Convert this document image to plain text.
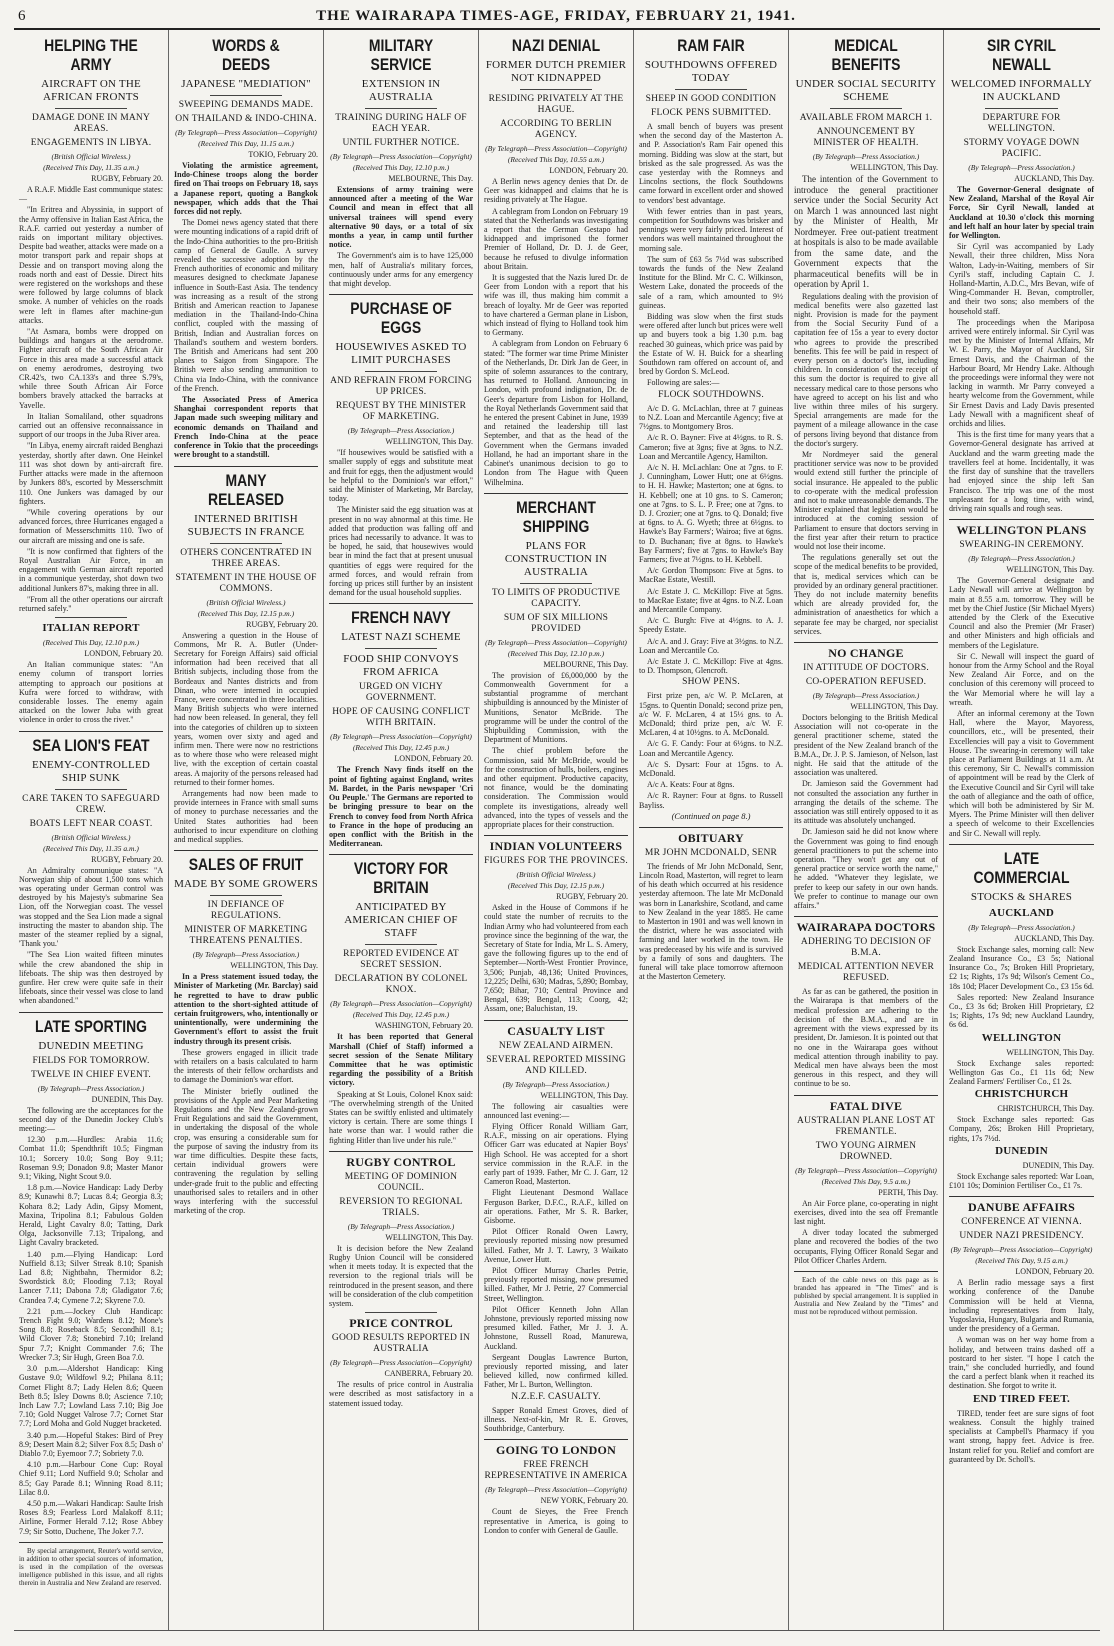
6	THE WAIRARAPA TIMES-AGE, FRIDAY, FEBRUARY 21, 1941.
HELPING THE ARMY
AIRCRAFT ON THE AFRICAN FRONTS
DAMAGE DONE IN MANY AREAS.
ENGAGEMENTS IN LIBYA.
(British Official Wireless.)
(Received This Day, 11.35 a.m.)
RUGBY, February 20.

A R.A.F. Middle East communique states:—

"In Eritrea and Abyssinia, in support of the Army offensive in Italian East Africa, the R.A.F. carried out yesterday a number of raids on important military objectives. Despite bad weather, attacks were made on a motor transport park and repair shops at Dessie and on transport moving along the roads north and east of Dessie. Direct hits were registered on the workshops and these were followed by large columns of black smoke. A number of vehicles on the roads were left in flames after machine-gun attacks.

"At Asmara, bombs were dropped on buildings and hangars at the aerodrome. Fighter aircraft of the South African Air Force in this area made a successful attack on enemy aerodromes, destroying two CR.42's, two CA.133's and three S.79's, while three South African Air Force bombers bravely attacked the barracks at Yavelle.

In Italian Somaliland, other squadrons carried out an offensive reconnaissance in support of our troops in the Juba River area.

"In Libya, enemy aircraft raided Benghazi yesterday, shortly after dawn. One Heinkel 111 was shot down by anti-aircraft fire. Further attacks were made in the afternoon by Junkers 88's, escorted by Messerschmitt 110. One Junkers was damaged by our fighters.

"While covering operations by our advanced forces, three Hurricanes engaged a formation of Messerschmitts 110. Two of our aircraft are missing and one is safe.

"It is now confirmed that fighters of the Royal Australian Air Force, in an engagement with German aircraft reported in a communique yesterday, shot down two additional Junkers 87's, making three in all.

"From all the other operations our aircraft returned safely."

ITALIAN REPORT
(Received This Day, 12.10 p.m.)
LONDON, February 20.

An Italian communique states: "An enemy column of transport lorries attempting to approach our positions at Kufra were forced to withdraw, with considerable losses. The enemy again attacked on the lower Juba with great violence in order to cross the river."

SEA LION'S FEAT
ENEMY-CONTROLLED SHIP SUNK
CARE TAKEN TO SAFEGUARD CREW.
BOATS LEFT NEAR COAST.
(British Official Wireless.)
(Received This Day, 11.35 a.m.)
RUGBY, February 20.

An Admiralty communique states: "A Norwegian ship of about 1,500 tons which was operating under German control was destroyed by his Majesty's submarine Sea Lion, off the Norwegian coast. The vessel was stopped and the Sea Lion made a signal instructing the master to abandon ship. The master of the steamer replied by a signal, 'Thank you.'

"The Sea Lion waited fifteen minutes while the crew abandoned the ship in lifeboats. The ship was then destroyed by gunfire. Her crew were quite safe in their lifeboats, since their vessel was close to land when abandoned."

LATE SPORTING
DUNEDIN MEETING
FIELDS FOR TOMORROW.
TWELVE IN CHIEF EVENT.
(By Telegraph—Press Association.)
DUNEDIN, This Day.

The following are the acceptances for the second day of the Dunedin Jockey Club's meeting:—

12.30 p.m.—Hurdles: Arabia 11.6; Combat 11.0; Spendthrift 10.5; Fingman 10.1; Sorcery 10.0; Song Boy 9.11; Roseman 9.9; Donadon 9.8; Master Manor 9.1; Viking, Night Scout 9.0.

1.8 p.m.—Novice Handicap: Lady Derby 8.9; Kunawhi 8.7; Lucas 8.4; Georgia 8.3; Kohara 8.2; Lady Adin, Gipsy Moment, Maxina, Tripolina 8.1; Fabulous Golden Herald, Light Cavalry 8.0; Tatting, Dark Olga, Jacksonville 7.13; Tripalong, and Light Cavalry bracketed.

1.40 p.m.—Flying Handicap: Lord Nuffield 8.13; Silver Streak 8.10; Spanish Lad 8.8; Nightbahn, Thermidor 8.2; Swordstick 8.0; Flooding 7.13; Royal Lancer 7.11; Dabona 7.8; Gladigator 7.6; Crandea 7.4; Cymene 7.2; Skyrene 7.0.

2.21 p.m.—Jockey Club Handicap: Trench Fight 9.0; Wardens 8.12; Mone's Song 8.8; Roseback 8.5; Secondhill 8.1; Wild Clover 7.8; Stonebird 7.10; Ireland Spur 7.7; Knight Commander 7.6; The Wrecker 7.3; Sir Hugh, Green Boa 7.0.

3.0 p.m.—Aldershot Handicap: King Gustave 9.0; Wildfowl 9.2; Philana 8.11; Cornet Flight 8.7; Lady Helen 8.6; Queen Beth 8.5; Isley Downs 8.0; Ascience 7.10; Inch Law 7.7; Lowland Lass 7.10; Big Joe 7.10; Gold Nugget Valrose 7.7; Cornet Star 7.7; Lord Moha and Gold Nugget bracketed.

3.40 p.m.—Hopeful Stakes: Bird of Prey 8.9; Desert Main 8.2; Silver Fox 8.5; Dash o' Diablo 7.0; Eyemoor 7.7; Sobriety 7.0.

4.10 p.m.—Harbour Cone Cup: Royal Chief 9.11; Lord Nuffield 9.0; Scholar and 8.5; Gay Parade 8.1; Winning Road 8.11; Lilac 8.0.

4.50 p.m.—Wakari Handicap: Saulte Irish Roses 8.9; Fearless Lord Malakoff 8.11; Airline, Former Herald 7.12; Rose Abbey 7.9; Sir Sotto, Duchene, The Joker 7.7.

By special arrangement, Reuter's world service, in addition to other special sources of information, is used in the compilation of the overseas intelligence published in this issue, and all rights therein in Australia and New Zealand are reserved.

WORDS & DEEDS
JAPANESE "MEDIATION"
SWEEPING DEMANDS MADE.
ON THAILAND & INDO-CHINA.
(By Telegraph—Press Association—Copyright)
(Received This Day, 11.15 a.m.)
TOKIO, February 20.

Violating the armistice agreement, Indo-Chinese troops along the border fired on Thai troops on February 18, says a Japanese report, quoting a Bangkok newspaper, which adds that the Thai forces did not reply.

The Domei news agency stated that there were mounting indications of a rapid drift of the Indo-China authorities to the pro-British camp of General de Gaulle. A survey revealed the successive adoption by the French authorities of economic and military measures designed to checkmate Japanese influence in South-East Asia. The tendency was increasing as a result of the strong British and American reaction to Japanese mediation in the Thailand-Indo-China conflict, coupled with the massing of British, Indian and Australian forces on Thailand's southern and western borders. The British and Americans had sent 200 planes to Saigon from Singapore. The British were also sending ammunition to China via Indo-China, with the connivance of the French.

The Associated Press of America Shanghai correspondent reports that Japan made such sweeping military and economic demands on Thailand and French Indo-China at the peace conference in Tokio that the proceedings were brought to a standstill.

MANY RELEASED
INTERNED BRITISH SUBJECTS IN FRANCE
OTHERS CONCENTRATED IN THREE AREAS.
STATEMENT IN THE HOUSE OF COMMONS.
(British Official Wireless.)
(Received This Day, 12.15 p.m.)
RUGBY, February 20.

Answering a question in the House of Commons, Mr R. A. Butler (Under-Secretary for Foreign Affairs) said official information had been received that all British subjects, including those from the Bordeaux and Nantes districts and from Dinan, who were interned in occupied France, were concentrated in three localities. Many British subjects who were interned had now been released. In general, they fell into the categories of children up to sixteen years, women over sixty and aged and infirm men. There were now no restrictions as to where those who were released might live, with the exception of certain coastal areas. A majority of the persons released had returned to their former homes.

Arrangements had now been made to provide internees in France with small sums of money to purchase necessaries and the United States authorities had been authorised to incur expenditure on clothing and medical supplies.

SALES OF FRUIT
MADE BY SOME GROWERS
IN DEFIANCE OF REGULATIONS.
MINISTER OF MARKETING THREATENS PENALTIES.
(By Telegraph—Press Association.)
WELLINGTON, This Day.

In a Press statement issued today, the Minister of Marketing (Mr. Barclay) said he regretted to have to draw public attention to the short-sighted attitude of certain fruitgrowers, who, intentionally or unintentionally, were undermining the Government's effort to assist the fruit industry through its present crisis.

These growers engaged in illicit trade with retailers on a basis calculated to harm the interests of their fellow orchardists and to damage the Dominion's war effort.

The Minister briefly outlined the provisions of the Apple and Pear Marketing Regulations and the New Zealand-grown Fruit Regulations and said the Government, in undertaking the disposal of the whole crop, was ensuring a considerable sum for the purpose of saving the industry from its war time difficulties. Despite these facts, certain individual growers were contravening the regulation by selling under-grade fruit to the public and effecting unauthorised sales to retailers and in other ways interfering with the successful marketing of the crop.

MILITARY SERVICE
EXTENSION IN AUSTRALIA
TRAINING DURING HALF OF EACH YEAR.
UNTIL FURTHER NOTICE.
(By Telegraph—Press Association—Copyright)
(Received This Day, 12.10 p.m.)
MELBOURNE, This Day.

Extensions of army training were announced after a meeting of the War Council and mean in effect that all universal trainees will spend every alternative 90 days, or a total of six months a year, in camp until further notice.

The Government's aim is to have 125,000 men, half of Australia's military forces, continuously under arms for any emergency that might develop.

PURCHASE OF EGGS
HOUSEWIVES ASKED TO LIMIT PURCHASES
AND REFRAIN FROM FORCING UP PRICES.
REQUEST BY THE MINISTER OF MARKETING.
(By Telegraph—Press Association.)
WELLINGTON, This Day.

"If housewives would be satisfied with a smaller supply of eggs and substitute meat and fruit for eggs, then the adjustment would be helpful to the Dominion's war effort," said the Minister of Marketing, Mr Barclay, today.

The Minister said the egg situation was at present in no way abnormal at this time. He added that production was falling off and prices had necessarily to advance. It was to be hoped, he said, that housewives would bear in mind the fact that at present unusual quantities of eggs were required for the armed forces, and would refrain from forcing up prices still further by an insistent demand for the usual household supplies.

FRENCH NAVY
LATEST NAZI SCHEME
FOOD SHIP CONVOYS FROM AFRICA
URGED ON VICHY GOVERNMENT.
HOPE OF CAUSING CONFLICT WITH BRITAIN.
(By Telegraph—Press Association—Copyright)
(Received This Day, 12.45 p.m.)
LONDON, February 20.

The French Navy finds itself on the point of fighting against England, writes M. Bardet, in the Paris newspaper 'Cri Ou Peuple.' The Germans are reported to be bringing pressure to bear on the French to convey food from North Africa to France in the hope of producing an open conflict with the British in the Mediterranean.

VICTORY FOR BRITAIN
ANTICIPATED BY AMERICAN CHIEF OF STAFF
REPORTED EVIDENCE AT SECRET SESSION.
DECLARATION BY COLONEL KNOX.
(By Telegraph—Press Association—Copyright)
(Received This Day, 12.45 p.m.)
WASHINGTON, February 20.

It has been reported that General Marshall (Chief of Staff) informed a secret session of the Senate Military Committee that he was optimistic regarding the possibility of a British victory.

Speaking at St Louis, Colonel Knox said: "The overwhelming strength of the United States can be swiftly enlisted and ultimately victory is certain. There are some things I hate worse than war. I would rather die fighting Hitler than live under his rule."

RUGBY CONTROL
MEETING OF DOMINION COUNCIL.
REVERSION TO REGIONAL TRIALS.
(By Telegraph—Press Association.)
WELLINGTON, This Day.

It is decision before the New Zealand Rugby Union Council will be considered when it meets today. It is expected that the reversion to the regional trials will be reintroduced in the present season, and there will be consideration of the club competition system.

PRICE CONTROL
GOOD RESULTS REPORTED IN AUSTRALIA
(By Telegraph—Press Association—Copyright)
CANBERRA, February 20.

The results of price control in Australia were described as most satisfactory in a statement issued today.

NAZI DENIAL
FORMER DUTCH PREMIER NOT KIDNAPPED
RESIDING PRIVATELY AT THE HAGUE.
ACCORDING TO BERLIN AGENCY.
(By Telegraph—Press Association—Copyright)
(Received This Day, 10.55 a.m.)
LONDON, February 20.

A Berlin news agency denies that Dr. de Geer was kidnapped and claims that he is residing privately at The Hague.

A cablegram from London on February 19 stated that the Netherlands was investigating a report that the German Gestapo had kidnapped and imprisoned the former Premier of Holland, Dr. D. J. de Geer, because he refused to divulge information about Britain.

It is suggested that the Nazis lured Dr. de Geer from London with a report that his wife was ill, thus making him commit a breach of loyalty. Mr de Geer was reported to have chartered a German plane in Lisbon, which instead of flying to Holland took him to Germany.

A cablegram from London on February 6 stated: "The former war time Prime Minister of the Netherlands, Dr. Dirk Jan de Geer, in spite of solemn assurances to the contrary, has returned to Holland. Announcing in London, with profound indignation, Dr. de Geer's departure from Lisbon for Holland, the Royal Netherlands Government said that he entered the present Cabinet in June, 1939 and retained the leadership till last September, and that as the head of the Government when the Germans invaded Holland, he had an important share in the Cabinet's unanimous decision to go to London from The Hague with Queen Wilhelmina.

MERCHANT SHIPPING
PLANS FOR CONSTRUCTION IN AUSTRALIA
TO LIMITS OF PRODUCTIVE CAPACITY.
SUM OF SIX MILLIONS PROVIDED
(By Telegraph—Press Association—Copyright)
(Received This Day, 12.10 p.m.)
MELBOURNE, This Day.

The provision of £6,000,000 by the Commonwealth Government for a substantial programme of merchant shipbuilding is announced by the Minister of Munitions, Senator McBride. The programme will be under the control of the Shipbuilding Commission, with the Department of Munitions.

The chief problem before the Commission, said Mr McBride, would be for the construction of hulls, boilers, engines and other equipment. Productive capacity, not finance, would be the dominating consideration. The Commission would complete its investigations, already well advanced, into the types of vessels and the appropriate places for their construction.

INDIAN VOLUNTEERS
FIGURES FOR THE PROVINCES.
(British Official Wireless.)
(Received This Day, 12.15 p.m.)
RUGBY, February 20.

Asked in the House of Commons if he could state the number of recruits to the Indian Army who had volunteered from each province since the beginning of the war, the Secretary of State for India, Mr L. S. Amery, gave the following figures up to the end of September—North-West Frontier Province, 3,506; Punjab, 48,136; United Provinces, 12,225; Delhi, 630; Madras, 5,890; Bombay, 7,650; Bihar, 710; Central Province and Bengal, 639; Bengal, 113; Coorg, 42; Assam, one; Baluchistan, 19.

CASUALTY LIST
NEW ZEALAND AIRMEN.
SEVERAL REPORTED MISSING AND KILLED.
(By Telegraph—Press Association.)
WELLINGTON, This Day.

The following air casualties were announced last evening:—

Flying Officer Ronald William Garr, R.A.F., missing on air operations. Flying Officer Garr was educated at Napier Boys' High School. He was accepted for a short service commission in the R.A.F. in the early part of 1939. Father, Mr C. J. Garr, 12 Cameron Road, Masterton.

Flight Lieutenant Desmond Wallace Ferguson Barker, D.F.C., R.A.F., killed on air operations. Father, Mr S. R. Barker, Gisborne.

Pilot Officer Ronald Owen Lawry, previously reported missing now presumed killed. Father, Mr J. T. Lawry, 3 Waikato Avenue, Lower Hutt.

Pilot Officer Murray Charles Petrie, previously reported missing, now presumed killed. Father, Mr J. Petrie, 27 Commercial Street, Wellington.

Pilot Officer Kenneth John Allan Johnstone, previously reported missing now presumed killed. Father, Mr J. J. A. Johnstone, Russell Road, Manurewa, Auckland.

Sergeant Douglas Lawrence Burton, previously reported missing, and later believed killed, now confirmed killed. Father, Mr L. Burton, Wellington.

N.Z.E.F. CASUALTY.

Sapper Ronald Ernest Groves, died of illness. Next-of-kin, Mr R. E. Groves, Southbridge, Canterbury.

GOING TO LONDON
FREE FRENCH REPRESENTATIVE IN AMERICA
(By Telegraph—Press Association—Copyright)
NEW YORK, February 20.

Count de Sieyes, the Free French representative in America, is going to London to confer with General de Gaulle.

RAM FAIR
SOUTHDOWNS OFFERED TODAY
SHEEP IN GOOD CONDITION
FLOCK PENS SUBMITTED.

A small bench of buyers was present when the second day of the Masterton A. and P. Association's Ram Fair opened this morning. Bidding was slow at the start, but brisked as the sale progressed. As was the case yesterday with the Romneys and Lincolns sections, the flock Southdowns came forward in excellent order and showed to vendors' best advantage.

With fewer entries than in past years, competition for Southdowns was brisker and pennings were very fairly priced. Interest of vendors was well maintained throughout the morning sale.

The sum of £63 5s 7½d was subscribed towards the funds of the New Zealand Institute for the Blind. Mr C. C. Wilkinson, Western Lake, donated the proceeds of the sale of a ram, which amounted to 9½ guineas.

Bidding was slow when the first studs were offered after lunch but prices were well up and buyers took a big 1.30 p.m. bag reached 30 guineas, which price was paid by the Estate of W. H. Buick for a shearling Southdown ram offered on account of, and bred by Gordon S. McLeod.

Following are sales:—

FLOCK SOUTHDOWNS.

A/c D. G. McLachlan, three at 7 guineas to N.Z. Loan and Mercantile Agency; five at 7½gns. to Montgomery Bros.

A/c R. O. Bayner: Five at 4½gns. to R. S. Cameron; five at 3gns; five at 3gns. to N.Z. Loan and Mercantile Agency, Hamilton.

A/c N. H. McLachlan: One at 7gns. to F. J. Cunningham, Lower Hutt; one at 6½gns. to H. H. Hawke; Masterton; one at 6gns. to H. Kebbell; one at 10 gns. to S. Cameron; one at 7gns. to S. L. P. Free; one at 7gns. to D. J. Crozier; one at 7gns. to Q. Donald; five at 6gns. to A. G. Wyeth; three at 6½gns. to Hawke's Bay Farmers'; Wairoa; five at 6gns. to D. Buchanan; five at 8gns. to Hawke's Bay Farmers'; five at 7gns. to Hawke's Bay Farmers; five at 7½gns. to H. Kebbell.

A/c Gordon Thompson: Five at 5gns. to MacRae Estate, Westill.

A/c Estate J. C. McKillop: Five at 5gns. to MacRae Estate; five at 4gns. to N.Z. Loan and Mercantile Company.

A/c C. Burgh: Five at 4½gns. to A. J. Speedy Estate.

A/c A. and J. Gray: Five at 3½gns. to N.Z. Loan and Mercantile Co.

A/c Estate J. C. McKillop: Five at 4gns. to D. Thompson, Glencroft.

SHOW PENS.

First prize pen, a/c W. P. McLaren, at 15gns. to Quentin Donald; second prize pen, a/c W. F. McLaren, 4 at 15½ gns. to A. McDonald; third prize pen, a/c W. F. McLaren, 4 at 10½gns. to A. McDonald.

A/c G. F. Candy: Four at 6½gns. to N.Z. Loan and Mercantile Agency.

A/c S. Dysart: Four at 15gns. to A. McDonald.

A/c A. Keats: Four at 8gns.

A/c R. Rayner: Four at 8gns. to Russell Bayliss.

(Continued on page 8.)
OBITUARY
MR JOHN MCDONALD, SENR

The friends of Mr John McDonald, Senr, Lincoln Road, Masterton, will regret to learn of his death which occurred at his residence yesterday afternoon. The late Mr McDonald was born in Lanarkshire, Scotland, and came to New Zealand in the year 1885. He came to Masterton in 1901 and was well known in the district, where he was associated with farming and later worked in the town. He was predeceased by his wife and is survived by a family of sons and daughters. The funeral will take place tomorrow afternoon at the Masterton Cemetery.

MEDICAL BENEFITS
UNDER SOCIAL SECURITY SCHEME
AVAILABLE FROM MARCH 1.
ANNOUNCEMENT BY MINISTER OF HEALTH.
(By Telegraph—Press Association.)
WELLINGTON, This Day.

The intention of the Government to introduce the general practitioner service under the Social Security Act on March 1 was announced last night by the Minister of Health, Mr Nordmeyer. Free out-patient treatment at hospitals is also to be made available from the same date, and the Government expects that the pharmaceutical benefits will be in operation by April 1.

Regulations dealing with the provision of medical benefits were also gazetted last night. Provision is made for the payment from the Social Security Fund of a capitation fee of 15s a year to every doctor who agrees to provide the prescribed benefits. This fee will be paid in respect of every person on a doctor's list, including children. In consideration of the receipt of this sum the doctor is required to give all necessary medical care to those persons who have agreed to accept on his list and who live within three miles of his surgery. Special arrangements are made for the payment of a mileage allowance in the case of persons living beyond that distance from the doctor's surgery.

Mr Nordmeyer said the general practitioner service was now to be provided would extend still further the principle of social insurance. He appealed to the public to co-operate with the medical profession and not to make unreasonable demands. The Minister explained that legislation would be introduced at the coming session of Parliament to ensure that doctors serving in the first year after their return to practice would not lose their income.

The regulations generally set out the scope of the medical benefits to be provided, that is, medical services which can be provided by an ordinary general practitioner. They do not include maternity benefits which are already provided for, the administration of anaesthetics for which a separate fee may be charged, nor specialist services.

NO CHANGE
IN ATTITUDE OF DOCTORS.
CO-OPERATION REFUSED.
(By Telegraph—Press Association.)
WELLINGTON, This Day.

Doctors belonging to the British Medical Association will not co-operate in the general practitioner scheme, stated the president of the New Zealand branch of the B.M.A., Dr. J. P. S. Jamieson, of Nelson, last night. He said that the attitude of the association was unaltered.

Dr. Jamieson said the Government had not consulted the association any further in arranging the details of the scheme. The association was still entirely opposed to it as its attitude was absolutely unchanged.

Dr. Jamieson said he did not know where the Government was going to find enough general practitioners to put the scheme into operation. "They won't get any out of general practice or service worth the name," he added. "Whatever they legislate, we prefer to keep our safety in our own hands. We prefer to continue to manage our own affairs."

WAIRARAPA DOCTORS
ADHERING TO DECISION OF B.M.A.
MEDICAL ATTENTION NEVER REFUSED.

As far as can be gathered, the position in the Wairarapa is that members of the medical profession are adhering to the decision of the B.M.A., and are in agreement with the views expressed by its president, Dr. Jamieson. It is pointed out that no one in the Wairarapa goes without medical attention through inability to pay. Medical men have always been the most generous in this respect, and they will continue to be so.

FATAL DIVE
AUSTRALIAN PLANE LOST AT FREMANTLE.
TWO YOUNG AIRMEN DROWNED.
(By Telegraph—Press Association—Copyright)
(Received This Day, 9.5 a.m.)
PERTH, This Day.

An Air Force plane, co-operating in night exercises, dived into the sea off Fremantle last night.

A diver today located the submerged plane and recovered the bodies of the two occupants, Flying Officer Ronald Segar and Pilot Officer Charles Ardern.

Each of the cable news on this page as is branded has appeared in "The Times" and is published by special arrangement. It is supplied in Australia and New Zealand by the "Times" and must not be reproduced without permission.

SIR CYRIL NEWALL
WELCOMED INFORMALLY IN AUCKLAND
DEPARTURE FOR WELLINGTON.
STORMY VOYAGE DOWN PACIFIC.
(By Telegraph—Press Association.)
AUCKLAND, This Day.

The Governor-General designate of New Zealand, Marshal of the Royal Air Force, Sir Cyril Newall, landed at Auckland at 10.30 o'clock this morning and left half an hour later by special train for Wellington.

Sir Cyril was accompanied by Lady Newall, their three children, Miss Nora Walton, Lady-in-Waiting, members of Sir Cyril's staff, including Captain C. J. Holland-Martin, A.D.C., Mrs Bevan, wife of Wing-Commander H. Bevan, comptroller, and their two sons; also members of the household staff.

The proceedings when the Mariposa arrived were entirely informal. Sir Cyril was met by the Minister of Internal Affairs, Mr W. E. Parry, the Mayor of Auckland, Sir Ernest Davis, and the Chairman of the Harbour Board, Mr Hendry Lake. Although the proceedings were informal they were not lacking in warmth. Mr Parry conveyed a hearty welcome from the Government, while Sir Ernest Davis and Lady Davis presented Lady Newall with a magnificent sheaf of orchids and lilies.

This is the first time for many years that a Governor-General designate has arrived at Auckland and the warm greeting made the travellers feel at home. Incidentally, it was the first day of sunshine that the travellers had enjoyed since the ship left San Francisco. The trip was one of the most unpleasant for a long time, with wind, driving rain squalls and rough seas.

WELLINGTON PLANS
SWEARING-IN CEREMONY.
(By Telegraph—Press Association.)
WELLINGTON, This Day.

The Governor-General designate and Lady Newall will arrive at Wellington by main at 8.55 a.m. tomorrow. They will be met by the Chief Justice (Sir Michael Myers) attended by the Clerk of the Executive Council and also the Premier (Mr Fraser) and other Ministers and high officials and members of the Legislature.

Sir C. Newall will inspect the guard of honour from the Army School and the Royal New Zealand Air Force, and on the conclusion of this ceremony will proceed to the War Memorial where he will lay a wreath.

After an informal ceremony at the Town Hall, where the Mayor, Mayoress, councillors, etc., will be presented, their Excellencies will pay a visit to Government House. The swearing-in ceremony will take place at Parliament Buildings at 11 a.m. At this ceremony, Sir C. Newall's commission of appointment will be read by the Clerk of the Executive Council and Sir Cyril will take the oath of allegiance and the oath of office, which will both be administered by Sir M. Myers. The Prime Minister will then deliver a speech of welcome to their Excellencies and Sir C. Newall will reply.

LATE COMMERCIAL
STOCKS & SHARES
AUCKLAND
(By Telegraph—Press Association.)
AUCKLAND, This Day.

Stock Exchange sales, morning call: New Zealand Insurance Co., £3 5s; National Insurance Co., 7s; Broken Hill Proprietary, £2 1s; Rights, 17s 9d; Wilson's Cement Co., 18s 10d; Placer Development Co., £3 15s 6d.

Sales reported: New Zealand Insurance Co., £3 3s 6d; Broken Hill Proprietary, £2 1s; Rights, 17s 9d; new Auckland Laundry, 6s 6d.

WELLINGTON
WELLINGTON, This Day.

Stock Exchange sales reported: Wellington Gas Co., £1 11s 6d; New Zealand Farmers' Fertiliser Co., £1 2s.

CHRISTCHURCH
CHRISTCHURCH, This Day.

Stock Exchange sales reported: Gas Company, 26s; Broken Hill Proprietary, rights, 17s 7½d.

DUNEDIN
DUNEDIN, This Day.

Stock Exchange sales reported: War Loan, £101 10s; Dominion Fertiliser Co., £1 7s.

DANUBE AFFAIRS
CONFERENCE AT VIENNA.
UNDER NAZI PRESIDENCY.
(By Telegraph—Press Association—Copyright)
(Received This Day, 9.15 a.m.)
LONDON, February 20.

A Berlin radio message says a first working conference of the Danube Commission will be held at Vienna, including representatives from Italy, Yugoslavia, Hungary, Bulgaria and Rumania, under the presidency of a German.

A woman was on her way home from a holiday, and between trains dashed off a postcard to her sister. "I hope I catch the train," she concluded hurriedly, and found the card a perfect blank when it reached its destination. She forgot to write it.

END TIRED FEET.

TIRED, tender feet are sure signs of foot weakness. Consult the highly trained specialists at Campbell's Pharmacy if you want strong, happy feet. Advice is free. Instant relief for you. Relief and comfort are guaranteed by Dr. Scholl's.
